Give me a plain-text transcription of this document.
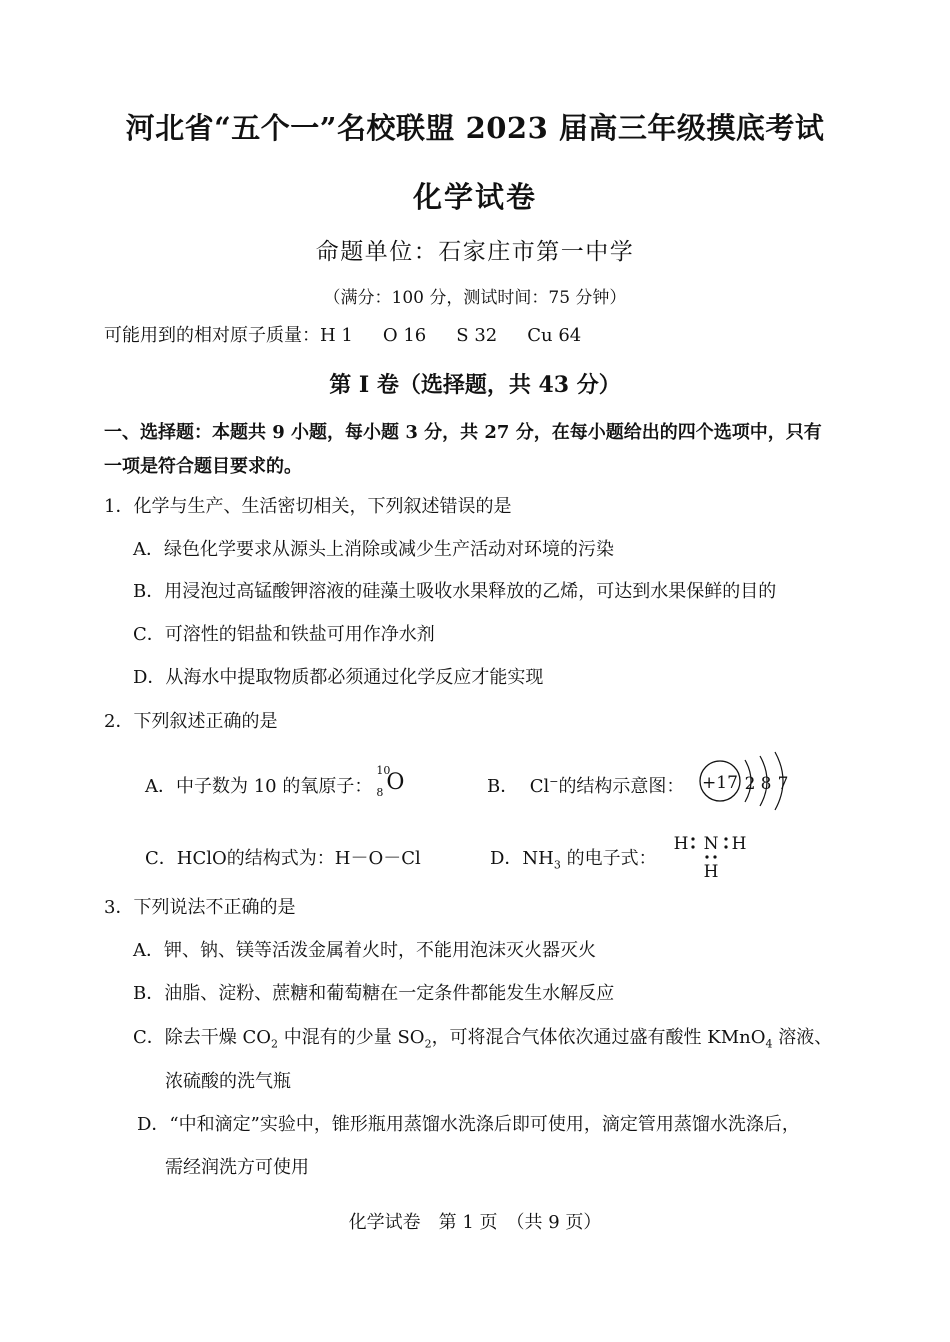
河北省“五个一”名校联盟 2023 届高三年级摸底考试
化学试卷
命题单位：石家庄市第一中学
（满分：100 分，测试时间：75 分钟）
可能用到的相对原子质量：H 1 O 16 S 32 Cu 64
第 I 卷（选择题，共 43 分）
一、选择题：本题共 9 小题，每小题 3 分，共 27 分，在每小题给出的四个选项中，只有
一项是符合题目要求的。
1．化学与生产、生活密切相关，下列叙述错误的是
A．绿色化学要求从源头上消除或减少生产活动对环境的污染
B．用浸泡过高锰酸钾溶液的硅藻土吸收水果释放的乙烯，可达到水果保鲜的目的
C．可溶性的铝盐和铁盐可用作净水剂
D．从海水中提取物质都必须通过化学反应才能实现
2．下列叙述正确的是
A．中子数为 10 的氧原子：
10
8 O	B． Cl−的结构示意图： +17 2 8 7
C．HClO的结构式为：H－O－Cl	D．$NH_3$ 的电子式：
H N H
H
3．下列说法不正确的是
A．钾、钠、镁等活泼金属着火时，不能用泡沫灭火器灭火
B．油脂、淀粉、蔗糖和葡萄糖在一定条件都能发生水解反应
C．除去干燥 $CO_2$ 中混有的少量 $SO_2$，可将混合气体依次通过盛有酸性 KMnO$_4$ 溶液、
浓硫酸的洗气瓶
D．“中和滴定”实验中，锥形瓶用蒸馏水洗涤后即可使用，滴定管用蒸馏水洗涤后，
需经润洗方可使用
化学试卷　第 1 页　（共 9 页）
